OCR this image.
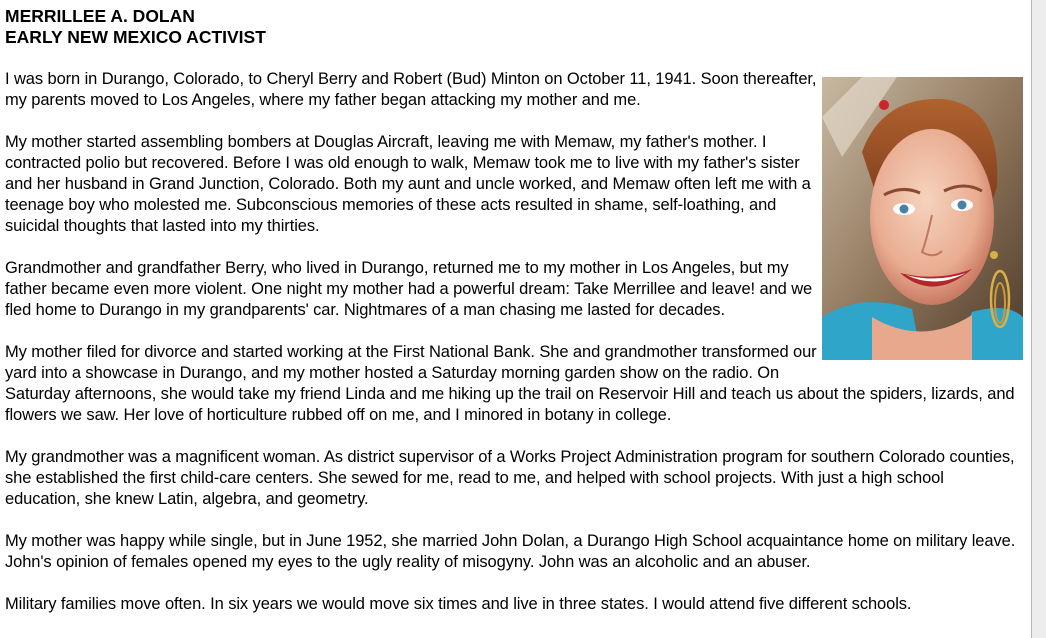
MERRILLEE A. DOLAN

EARLY NEW MEXICO ACTIVIST

I was born in Durango, Colorado, to Cheryl Berry and Robert (Bud) Minton on October 11, 1941. Soon thereafter, my parents moved to Los Angeles, where my father began attacking my mother and me.

My mother started assembling bombers at Douglas Aircraft, leaving me with Memaw, my father's mother. I contracted polio but recovered. Before I was old enough to walk, Memaw took me to live with my father's sister and her husband in Grand Junction, Colorado. Both my aunt and uncle worked, and Memaw often left me with a teenage boy who molested me. Subconscious memories of these acts resulted in shame, self-loathing, and suicidal thoughts that lasted into my thirties.

Grandmother and grandfather Berry, who lived in Durango, returned me to my mother in Los Angeles, but my father became even more violent. One night my mother had a powerful dream: Take Merrillee and leave! and we fled home to Durango in my grandparents' car. Nightmares of a man chasing me lasted for decades.

My mother filed for divorce and started working at the First National Bank. She and grandmother transformed our yard into a showcase in Durango, and my mother hosted a Saturday morning garden show on the radio. On Saturday afternoons, she would take my friend Linda and me hiking up the trail on Reservoir Hill and teach us about the spiders, lizards, and flowers we saw. Her love of horticulture rubbed off on me, and I minored in botany in college.

My grandmother was a magnificent woman. As district supervisor of a Works Project Administration program for southern Colorado counties, she established the first child-care centers. She sewed for me, read to me, and helped with school projects. With just a high school education, she knew Latin, algebra, and geometry.

My mother was happy while single, but in June 1952, she married John Dolan, a Durango High School acquaintance home on military leave. John's opinion of females opened my eyes to the ugly reality of misogyny. John was an alcoholic and an abuser.

Military families move often. In six years we would move six times and live in three states. I would attend five different schools.
